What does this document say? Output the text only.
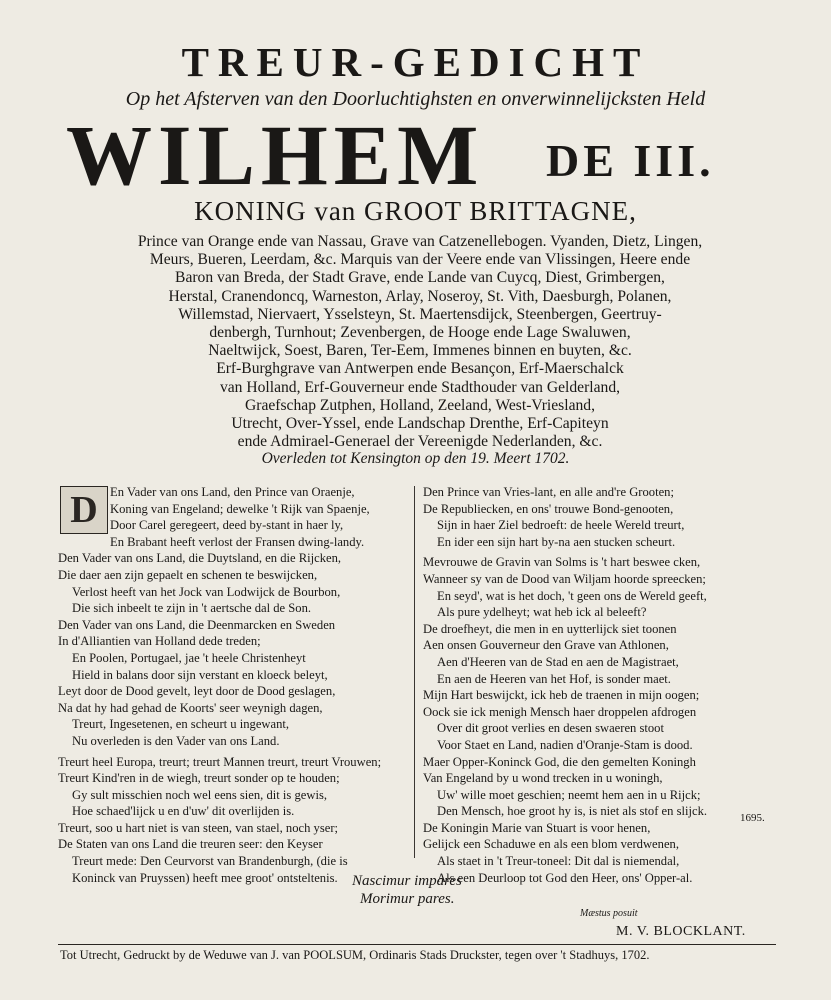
TREUR-GEDICHT
Op het Afsterven van den Doorluchtighsten en onverwinnelijcksten Held
WILHEM DE III.
KONING van GROOT BRITTAGNE,
Prince van Orange ende van Nassau, Grave van Catzenellebogen. Vyanden, Dietz, Lingen,
Meurs, Bueren, Leerdam, &c. Marquis van der Veere ende van Vlissingen, Heere ende
Baron van Breda, der Stadt Grave, ende Lande van Cuycq, Diest, Grimbergen,
Herstal, Cranendoncq, Warneston, Arlay, Noseroy, St. Vith, Daesburgh, Polanen,
Willemstad, Niervaert, Ysselsteyn, St. Maertensdijck, Steenbergen, Geertruy-
denbergh, Turnhout; Zevenbergen, de Hooge ende Lage Swaluwen,
Naeltwijck, Soest, Baren, Ter-Eem, Immenes binnen en buyten, &c.
Erf-Burghgrave van Antwerpen ende Besançon, Erf-Maerschalck
van Holland, Erf-Gouverneur ende Stadthouder van Gelderland,
Graefschap Zutphen, Holland, Zeeland, West-Vriesland,
Utrecht, Over-Yssel, ende Landschap Drenthe, Erf-Capiteyn
ende Admirael-Generael der Vereenigde Nederlanden, &c.
Overleden tot Kensington op den 19. Meert 1702.
D En Vader van ons Land, den Prince van Oraenje,
Koning van Engeland; dewelke 't Rijk van Spaenje,
Door Carel geregeert, deed by-stant in haer ly,
En Brabant heeft verlost der Fransen dwing-landy.
Den Vader van ons Land, die Duytsland, en die Rijcken,
Die daer aen zijn gepaelt en schenen te beswijcken,
Verlost heeft van het Jock van Lodwijck de Bourbon,
Die sich inbeelt te zijn in 't aertsche dal de Son.
Den Vader van ons Land, die Deenmarcken en Sweden
In d'Alliantien van Holland dede treden;
En Poolen, Portugael, jae 't heele Christenheyt
Hield in balans door sijn verstant en kloeck beleyt,
Leyt door de Dood gevelt, leyt door de Dood geslagen,
Na dat hy had gehad de Koorts' seer weynigh dagen,
Treurt, Ingesetenen, en scheurt u ingewant,
Nu overleden is den Vader van ons Land.
Treurt heel Europa, treurt; treurt Mannen treurt, treurt Vrouwen;
Treurt Kind'ren in de wiegh, treurt sonder op te houden;
Gy sult misschien noch wel eens sien, dit is gewis,
Hoe schaed'lijck u en d'uw' dit overlijden is.
Treurt, soo u hart niet is van steen, van stael, noch yser;
De Staten van ons Land die treuren seer: den Keyser
Treurt mede: Den Ceurvorst van Brandenburgh, (die is
Koninck van Pruyssen) heeft mee groot' ontsteltenis.
Den Prince van Vries-lant, en alle and're Grooten;
De Republiecken, en ons' trouwe Bond-genooten,
Sijn in haer Ziel bedroeft: de heele Wereld treurt,
En ider een sijn hart by-na aen stucken scheurt.
Mevrouwe de Gravin van Solms is 't hart beswee cken,
Wanneer sy van de Dood van Wiljam hoorde spreecken;
En seyd', wat is het doch, 't geen ons de Wereld geeft,
Als pure ydelheyt; wat heb ick al beleeft?
De droefheyt, die men in en uytterlijck siet toonen
Aen onsen Gouverneur den Grave van Athlonen,
Aen d'Heeren van de Stad en aen de Magistraet,
En aen de Heeren van het Hof, is sonder maet.
Mijn Hart beswijckt, ick heb de traenen in mijn oogen;
Oock sie ick menigh Mensch haer droppelen afdrogen
Over dit groot verlies en desen swaeren stoot
Voor Staet en Land, nadien d'Oranje-Stam is dood.
Maer Opper-Koninck God, die den gemelten Koningh
Van Engeland by u wond trecken in u woningh,
Uw' wille moet geschien; neemt hem aen in u Rijck;
Den Mensch, hoe groot hy is, is niet als stof en slijck.
De Koningin Marie van Stuart is voor henen,
Gelijck een Schaduwe en als een blom verdwenen,
Als staet in 't Treur-toneel: Dit dal is niemendal,
Als een Deurloop tot God den Heer, ons' Opper-al.
1695.
Nascimur impares
Morimur pares.
Mæstus posuit
M. V. BLOCKLANT.
Tot Utrecht, Gedruckt by de Weduwe van J. van POOLSUM, Ordinaris Stads Druckster, tegen over 't Stadhuys, 1702.
